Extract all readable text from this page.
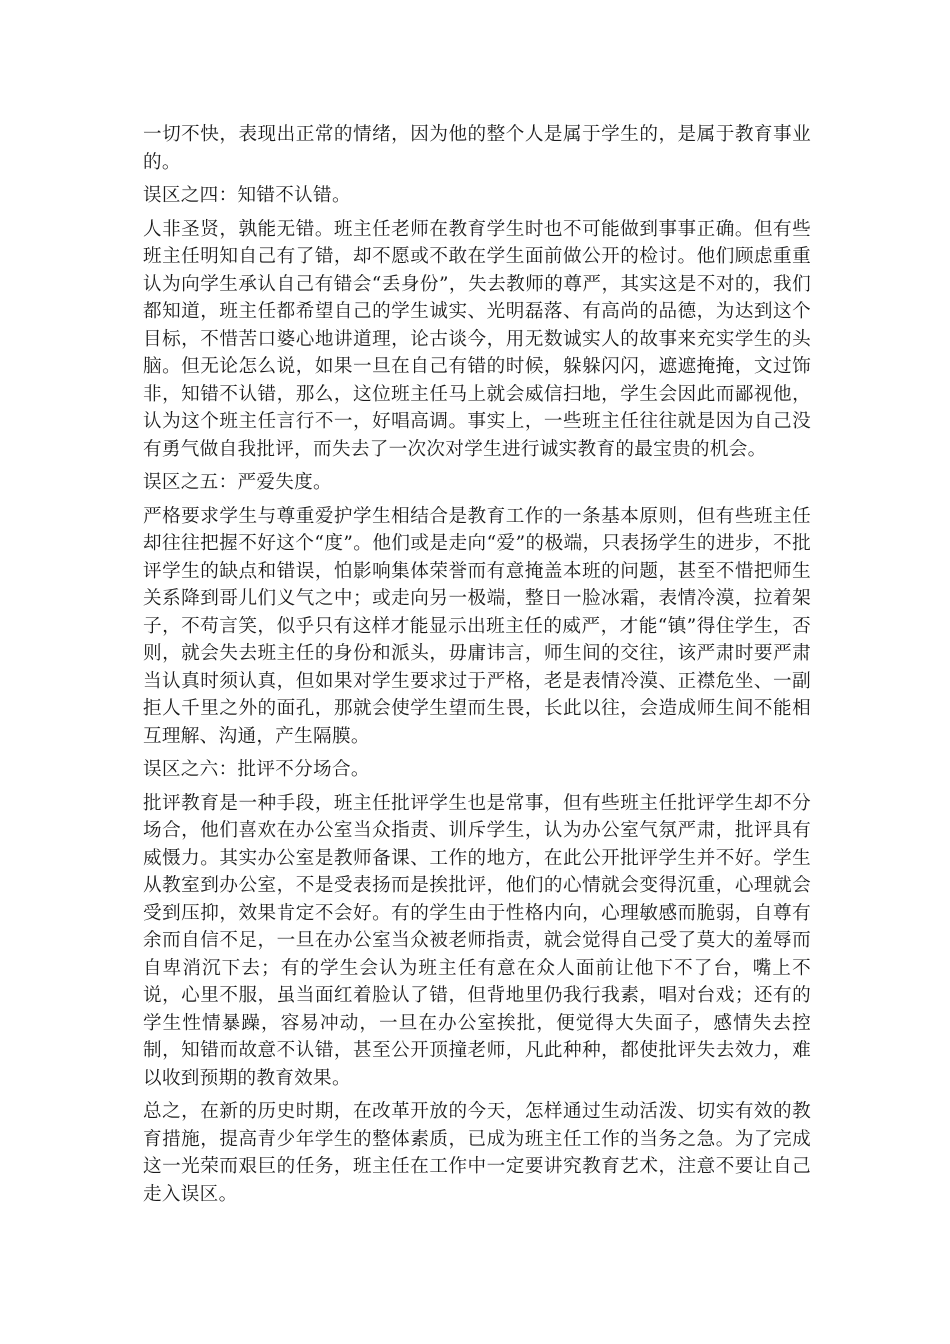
一切不快，表现出正常的情绪，因为他的整个人是属于学生的，是属于教育事业的。

误区之四：知错不认错。

人非圣贤，孰能无错。班主任老师在教育学生时也不可能做到事事正确。但有些班主任明知自己有了错，却不愿或不敢在学生面前做公开的检讨。他们顾虑重重认为向学生承认自己有错会“丢身份”，失去教师的尊严，其实这是不对的，我们都知道，班主任都希望自己的学生诚实、光明磊落、有高尚的品德，为达到这个目标，不惜苦口婆心地讲道理，论古谈今，用无数诚实人的故事来充实学生的头脑。但无论怎么说，如果一旦在自己有错的时候，躲躲闪闪，遮遮掩掩，文过饰非，知错不认错，那么，这位班主任马上就会威信扫地，学生会因此而鄙视他，认为这个班主任言行不一，好唱高调。事实上，一些班主任往往就是因为自己没有勇气做自我批评，而失去了一次次对学生进行诚实教育的最宝贵的机会。

误区之五：严爱失度。

严格要求学生与尊重爱护学生相结合是教育工作的一条基本原则，但有些班主任却往往把握不好这个“度”。他们或是走向“爱”的极端，只表扬学生的进步，不批评学生的缺点和错误，怕影响集体荣誉而有意掩盖本班的问题，甚至不惜把师生关系降到哥儿们义气之中；或走向另一极端，整日一脸冰霜，表情冷漠，拉着架子，不苟言笑，似乎只有这样才能显示出班主任的威严，才能“镇”得住学生，否则，就会失去班主任的身份和派头，毋庸讳言，师生间的交往，该严肃时要严肃当认真时须认真，但如果对学生要求过于严格，老是表情冷漠、正襟危坐、一副拒人千里之外的面孔，那就会使学生望而生畏，长此以往，会造成师生间不能相互理解、沟通，产生隔膜。

误区之六：批评不分场合。

批评教育是一种手段，班主任批评学生也是常事，但有些班主任批评学生却不分场合，他们喜欢在办公室当众指责、训斥学生，认为办公室气氛严肃，批评具有威慑力。其实办公室是教师备课、工作的地方，在此公开批评学生并不好。学生从教室到办公室，不是受表扬而是挨批评，他们的心情就会变得沉重，心理就会受到压抑，效果肯定不会好。有的学生由于性格内向，心理敏感而脆弱，自尊有余而自信不足，一旦在办公室当众被老师指责，就会觉得自己受了莫大的羞辱而自卑消沉下去；有的学生会认为班主任有意在众人面前让他下不了台，嘴上不说，心里不服，虽当面红着脸认了错，但背地里仍我行我素，唱对台戏；还有的学生性情暴躁，容易冲动，一旦在办公室挨批，便觉得大失面子，感情失去控制，知错而故意不认错，甚至公开顶撞老师，凡此种种，都使批评失去效力，难以收到预期的教育效果。

总之，在新的历史时期，在改革开放的今天，怎样通过生动活泼、切实有效的教育措施，提高青少年学生的整体素质，已成为班主任工作的当务之急。为了完成这一光荣而艰巨的任务，班主任在工作中一定要讲究教育艺术，注意不要让自己走入误区。
